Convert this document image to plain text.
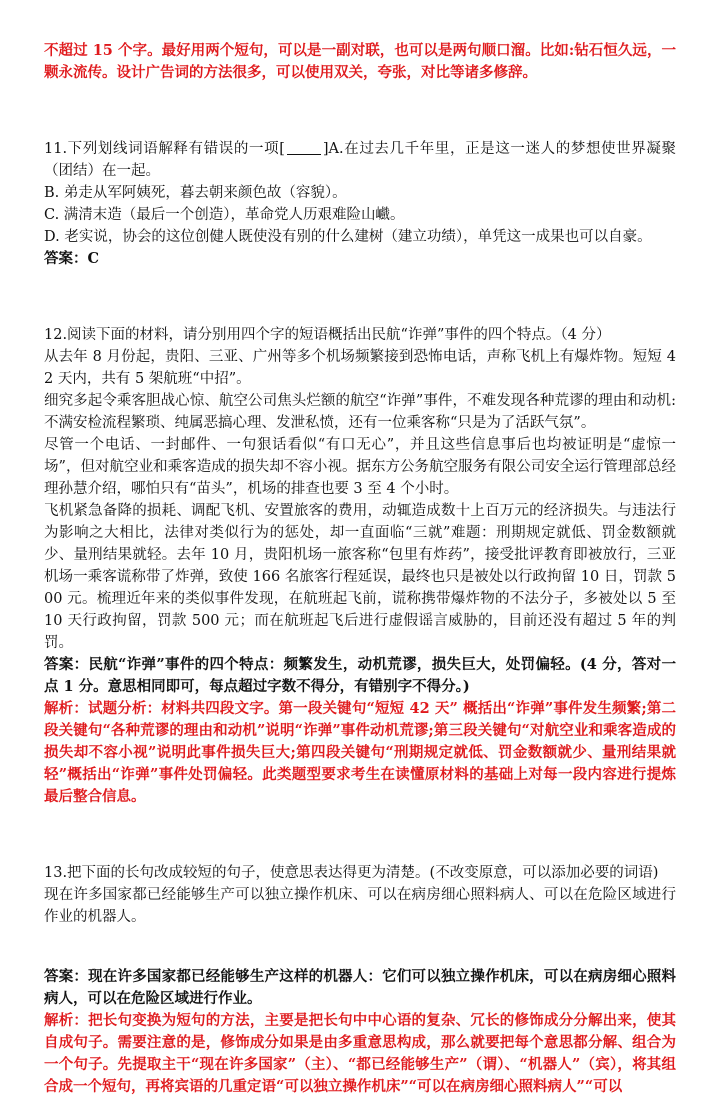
不超过 15 个字。最好用两个短句，可以是一副对联，也可以是两句顺口溜。比如:钻石恒久远，一颗永流传。设计广告词的方法很多，可以使用双关，夸张，对比等诸多修辞。

11.下列划线词语解释有错误的一项[	]A.在过去几千年里，正是这一迷人的梦想使世界凝聚（团结）在一起。

B. 弟走从军阿姨死，暮去朝来颜色故（容貌）。

C. 满清末造（最后一个创造），革命党人历艰难险山巇。

D. 老实说，协会的这位创健人既使没有别的什么建树（建立功绩），单凭这一成果也可以自豪。

答案：C

12.阅读下面的材料，请分别用四个字的短语概括出民航“诈弹”事件的四个特点。（4 分）

从去年 8 月份起，贵阳、三亚、广州等多个机场频繁接到恐怖电话，声称飞机上有爆炸物。短短 42 天内，共有 5 架航班“中招”。

细究多起令乘客胆战心惊、航空公司焦头烂额的航空“诈弹”事件，不难发现各种荒谬的理由和动机:不满安检流程繁琐、纯属恶搞心理、发泄私愤，还有一位乘客称“只是为了活跃气氛”。

尽管一个电话、一封邮件、一句狠话看似“有口无心”，并且这些信息事后也均被证明是“虚惊一场”，但对航空业和乘客造成的损失却不容小视。据东方公务航空服务有限公司安全运行管理部总经理孙慧介绍，哪怕只有“苗头”，机场的排查也要 3 至 4 个小时。

飞机紧急备降的损耗、调配飞机、安置旅客的费用，动辄造成数十上百万元的经济损失。与违法行为影响之大相比，法律对类似行为的惩处，却一直面临“三就”难题：刑期规定就低、罚金数额就少、量刑结果就轻。去年 10 月，贵阳机场一旅客称“包里有炸药”，接受批评教育即被放行，三亚机场一乘客谎称带了炸弹，致使 166 名旅客行程延误，最终也只是被处以行政拘留 10 日，罚款 500 元。梳理近年来的类似事件发现，在航班起飞前，谎称携带爆炸物的不法分子，多被处以 5 至 10 天行政拘留，罚款 500 元；而在航班起飞后进行虚假谣言威胁的，目前还没有超过 5 年的判罚。

答案：民航“诈弹”事件的四个特点：频繁发生，动机荒谬，损失巨大，处罚偏轻。(4 分，答对一点 1 分。意思相同即可，每点超过字数不得分，有错别字不得分。)

解析：试题分析：材料共四段文字。第一段关键句“短短 42 天” 概括出“诈弹”事件发生频繁;第二段关键句“各种荒谬的理由和动机”说明“诈弹”事件动机荒谬;第三段关键句“对航空业和乘客造成的损失却不容小视”说明此事件损失巨大;第四段关键句“刑期规定就低、罚金数额就少、量刑结果就轻”概括出“诈弹”事件处罚偏轻。此类题型要求考生在读懂原材料的基础上对每一段内容进行提炼最后整合信息。

13.把下面的长句改成较短的句子，使意思表达得更为清楚。(不改变原意，可以添加必要的词语)

现在许多国家都已经能够生产可以独立操作机床、可以在病房细心照料病人、可以在危险区域进行作业的机器人。

答案：现在许多国家都已经能够生产这样的机器人：它们可以独立操作机床，可以在病房细心照料病人，可以在危险区域进行作业。

解析：把长句变换为短句的方法，主要是把长句中中心语的复杂、冗长的修饰成分分解出来，使其自成句子。需要注意的是，修饰成分如果是由多重意思构成，那么就要把每个意思都分解、组合为一个句子。先提取主干“现在许多国家”（主）、“都已经能够生产”（谓）、“机器人”（宾），将其组合成一个短句，再将宾语的几重定语“可以独立操作机床”“可以在病房细心照料病人”“可以
